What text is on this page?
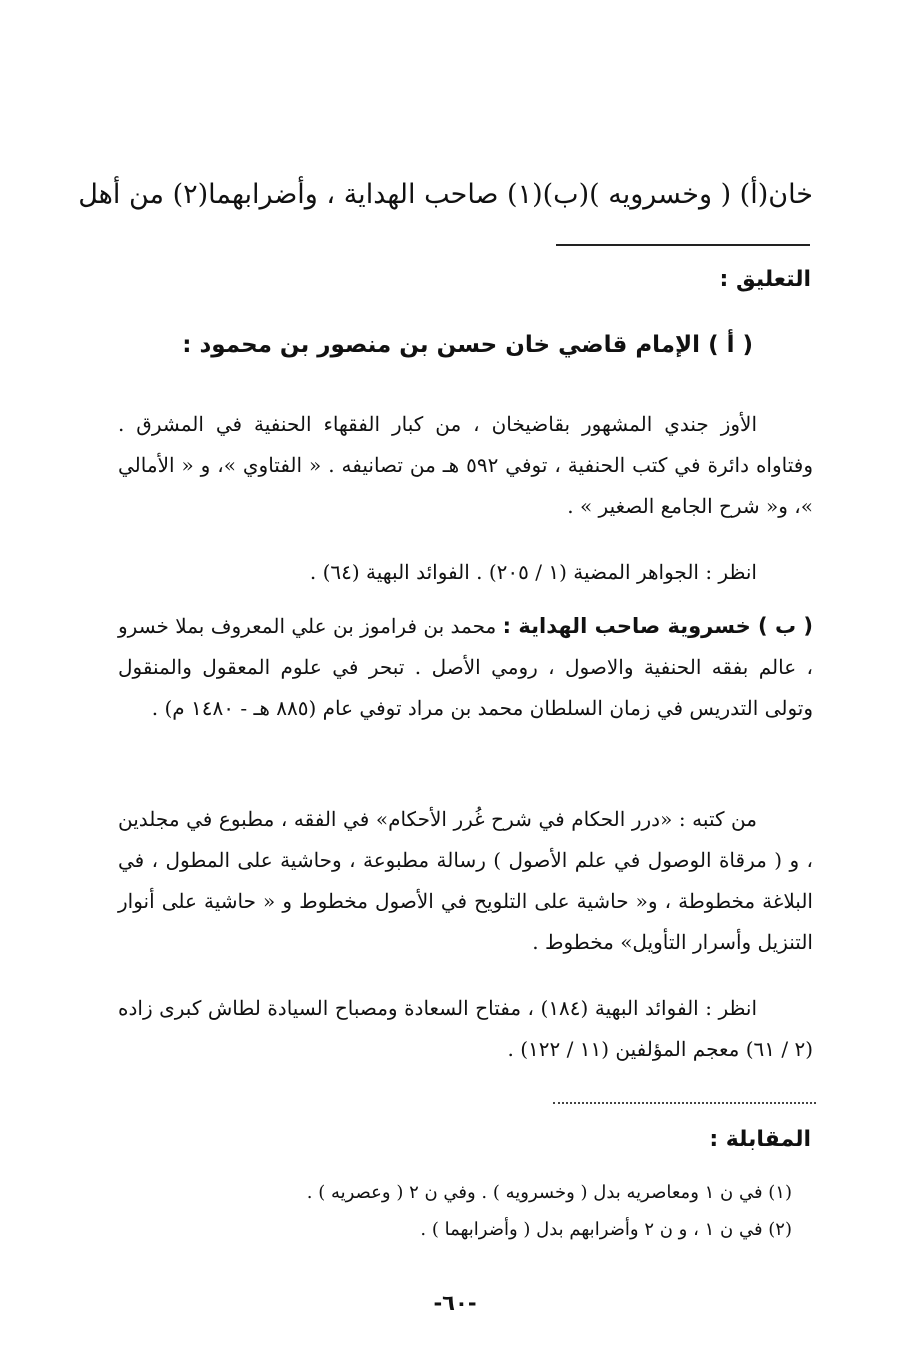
خان(أ) ( وخسرويه )(ب)(١) صاحب الهداية ، وأضرابهما(٢) من أهل
التعليق :
( أ ) الإمام قاضي خان حسن بن منصور بن محمود :

الأوز جندي المشهور بقاضيخان ، من كبار الفقهاء الحنفية في المشرق . وفتاواه دائرة في كتب الحنفية ، توفي ٥٩٢ هـ من تصانيفه . « الفتاوي »، و « الأمالي »، و« شرح الجامع الصغير » .

انظر : الجواهر المضية (١ / ٢٠٥) . الفوائد البهية (٦٤) .

( ب ) خسروية صاحب الهداية : محمد بن فراموز بن علي المعروف بملا خسرو ، عالم بفقه الحنفية والاصول ، رومي الأصل . تبحر في علوم المعقول والمنقول وتولى التدريس في زمان السلطان محمد بن مراد توفي عام (٨٨٥ هـ - ١٤٨٠ م) .

من كتبه : «درر الحكام في شرح غُرر الأحكام» في الفقه ، مطبوع في مجلدين ، و ( مرقاة الوصول في علم الأصول ) رسالة مطبوعة ، وحاشية على المطول ، في البلاغة مخطوطة ، و« حاشية على التلويح في الأصول مخطوط و « حاشية على أنوار التنزيل وأسرار التأويل» مخطوط .

انظر : الفوائد البهية (١٨٤) ، مفتاح السعادة ومصباح السيادة لطاش كبرى زاده (٢ / ٦١) معجم المؤلفين (١١ / ١٢٢) .

المقابلة :
(١) في ن ١ ومعاصريه بدل ( وخسرويه ) . وفي ن ٢ ( وعصريه ) .
(٢) في ن ١ ، و ن ٢ وأضرابهم بدل ( وأضرابهما ) .
-٦٠-
